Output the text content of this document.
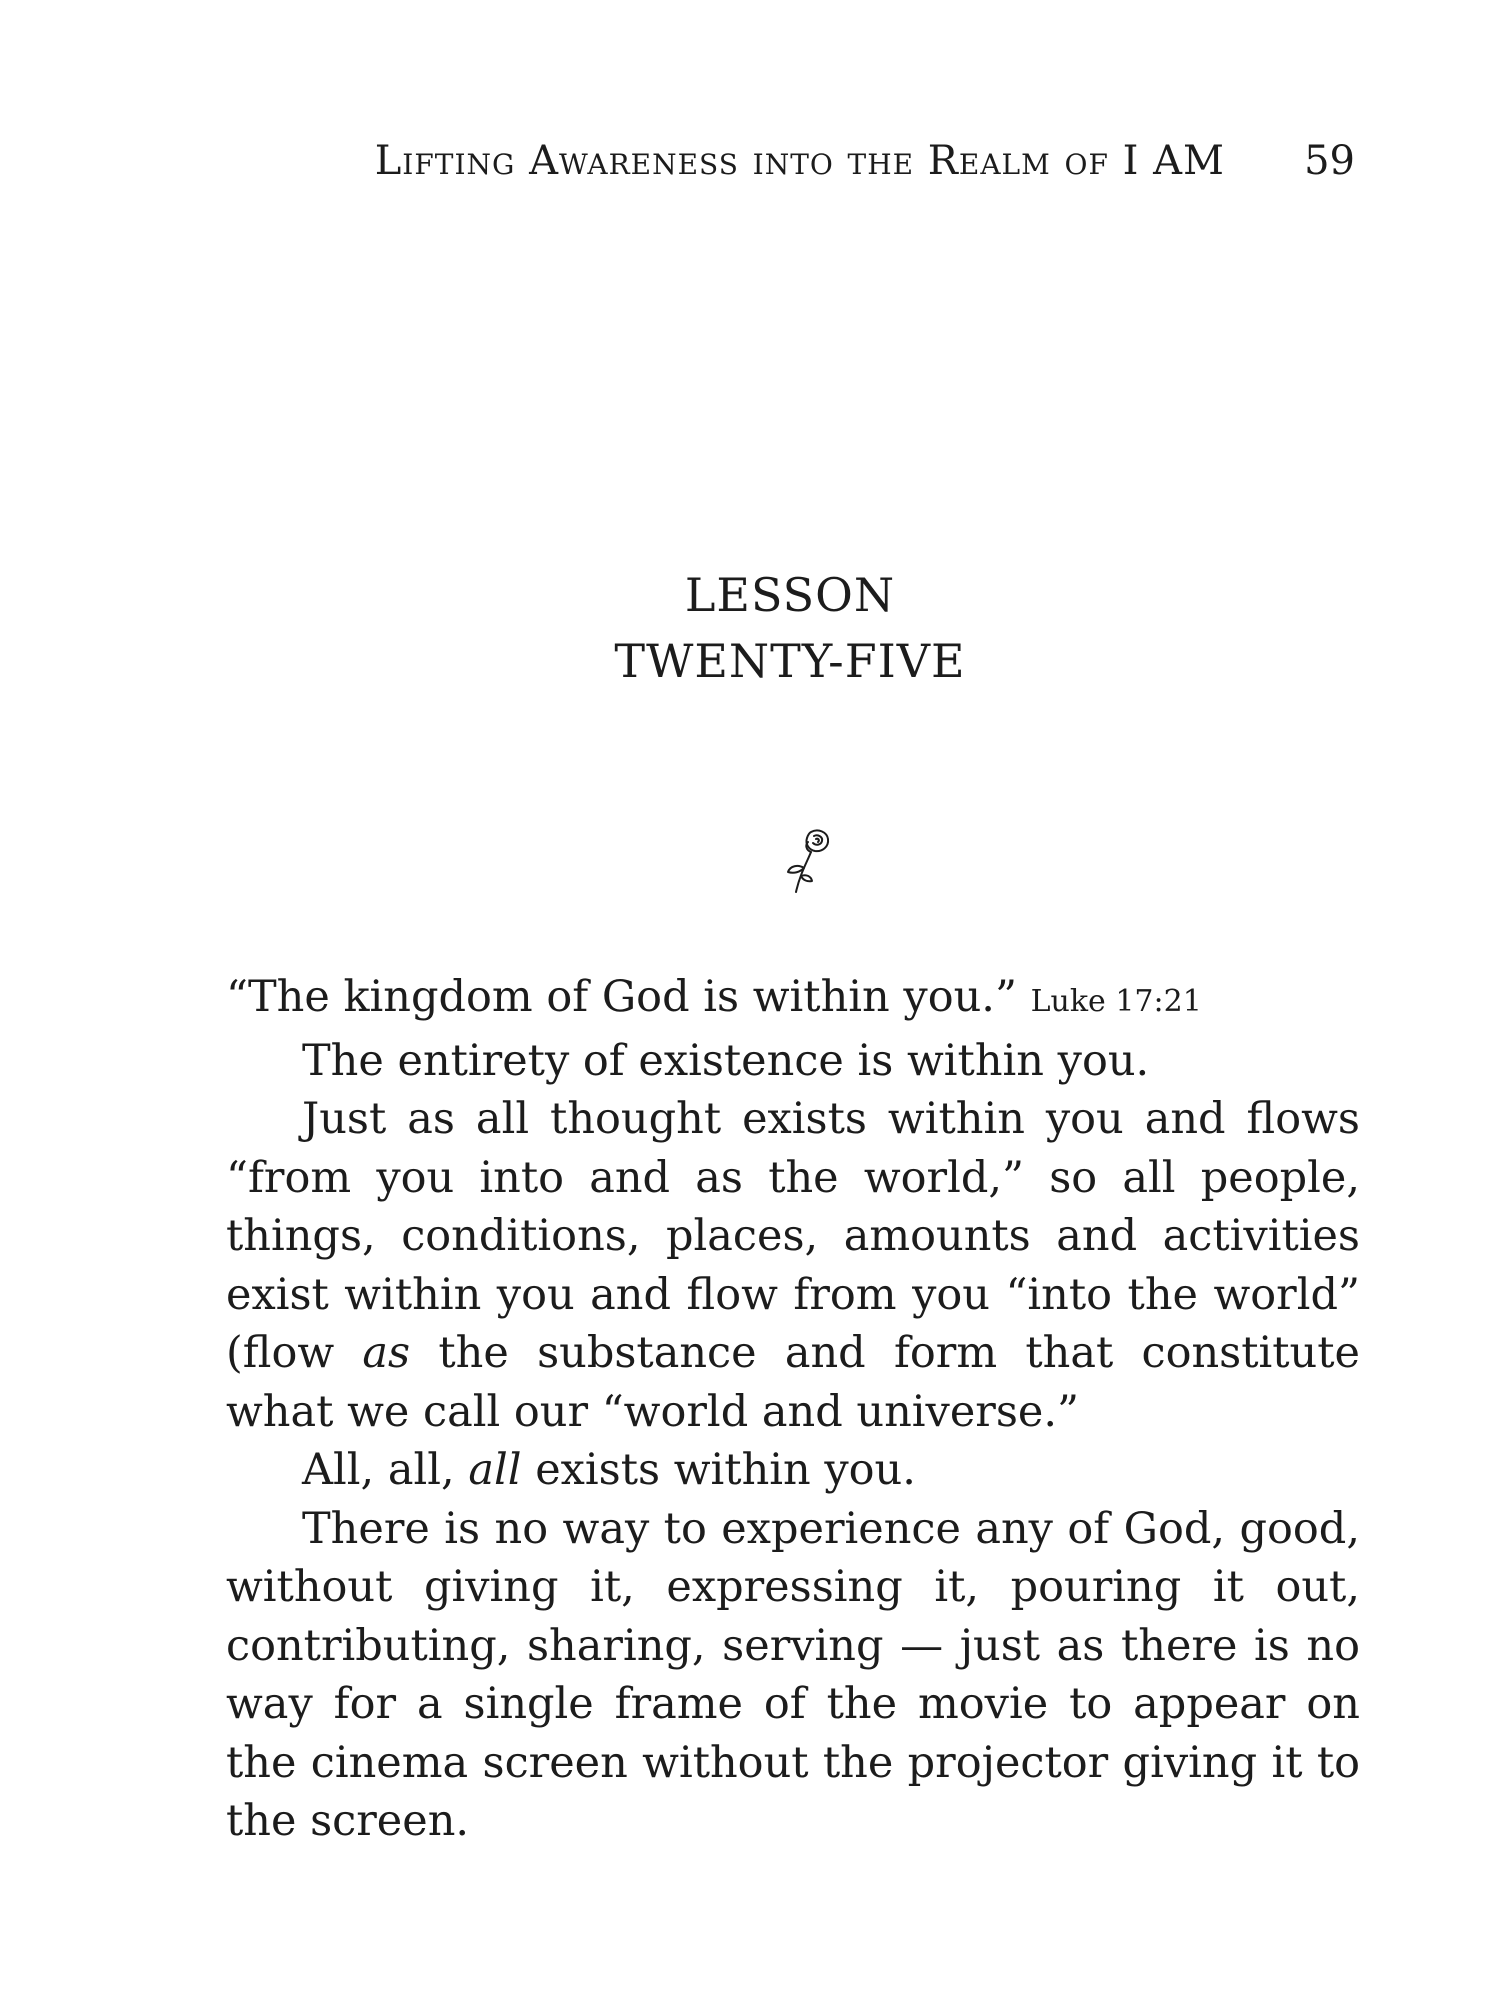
Lifting Awareness into the Realm of I AM 59
LESSON
TWENTY-FIVE

“The kingdom of God is within you.” Luke 17:21

The entirety of existence is within you.

Just as all thought exists within you and flows “from you into and as the world,” so all people, things, conditions, places, amounts and activities exist within you and flow from you “into the world” (flow as the substance and form that constitute what we call our “world and universe.”

All, all, all exists within you.

There is no way to experience any of God, good, without giving it, expressing it, pouring it out, contributing, sharing, serving — just as there is no way for a single frame of the movie to appear on the cinema screen without the projector giving it to the screen.
